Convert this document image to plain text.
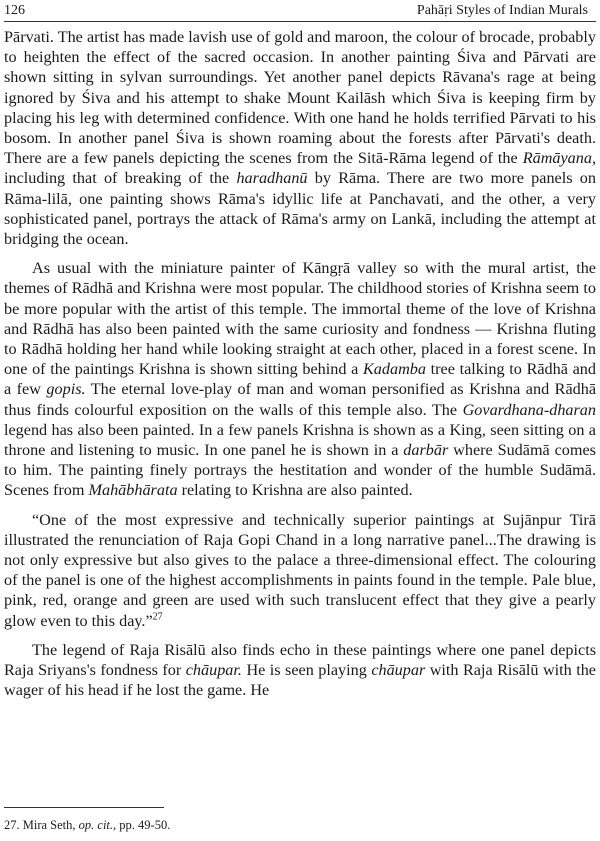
126	Pahāṛi Styles of Indian Murals

Pārvati. The artist has made lavish use of gold and maroon, the colour of brocade, probably to heighten the effect of the sacred occasion. In another painting Śiva and Pārvati are shown sitting in sylvan surroundings. Yet another panel depicts Rāvana's rage at being ignored by Śiva and his attempt to shake Mount Kailāsh which Śiva is keeping firm by placing his leg with determined confidence. With one hand he holds terrified Pārvati to his bosom. In another panel Śiva is shown roaming about the forests after Pārvati's death. There are a few panels depicting the scenes from the Sitā-Rāma legend of the Rāmāyana, including that of breaking of the haradhanū by Rāma. There are two more panels on Rāma-lilā, one painting shows Rāma's idyllic life at Panchavati, and the other, a very sophisticated panel, portrays the attack of Rāma's army on Lankā, including the attempt at bridging the ocean.

As usual with the miniature painter of Kāngṛā valley so with the mural artist, the themes of Rādhā and Krishna were most popular. The childhood stories of Krishna seem to be more popular with the artist of this temple. The immortal theme of the love of Krishna and Rādhā has also been painted with the same curiosity and fondness — Krishna fluting to Rādhā holding her hand while looking straight at each other, placed in a forest scene. In one of the paintings Krishna is shown sitting behind a Kadamba tree talking to Rādhā and a few gopis. The eternal love-play of man and woman personified as Krishna and Rādhā thus finds colourful exposition on the walls of this temple also. The Govardhana-dharan legend has also been painted. In a few panels Krishna is shown as a King, seen sitting on a throne and listening to music. In one panel he is shown in a darbār where Sudāmā comes to him. The painting finely portrays the hestitation and wonder of the humble Sudāmā. Scenes from Mahābhārata relating to Krishna are also painted.

“One of the most expressive and technically superior paintings at Sujānpur Tirā illustrated the renunciation of Raja Gopi Chand in a long narrative panel...The drawing is not only expressive but also gives to the palace a three-dimensional effect. The colouring of the panel is one of the highest accomplishments in paints found in the temple. Pale blue, pink, red, orange and green are used with such translucent effect that they give a pearly glow even to this day.”$^{27}$

The legend of Raja Risālū also finds echo in these paintings where one panel depicts Raja Sriyans's fondness for chāupar. He is seen playing chāupar with Raja Risālū with the wager of his head if he lost the game. He

27. Mira Seth, op. cit., pp. 49-50.
